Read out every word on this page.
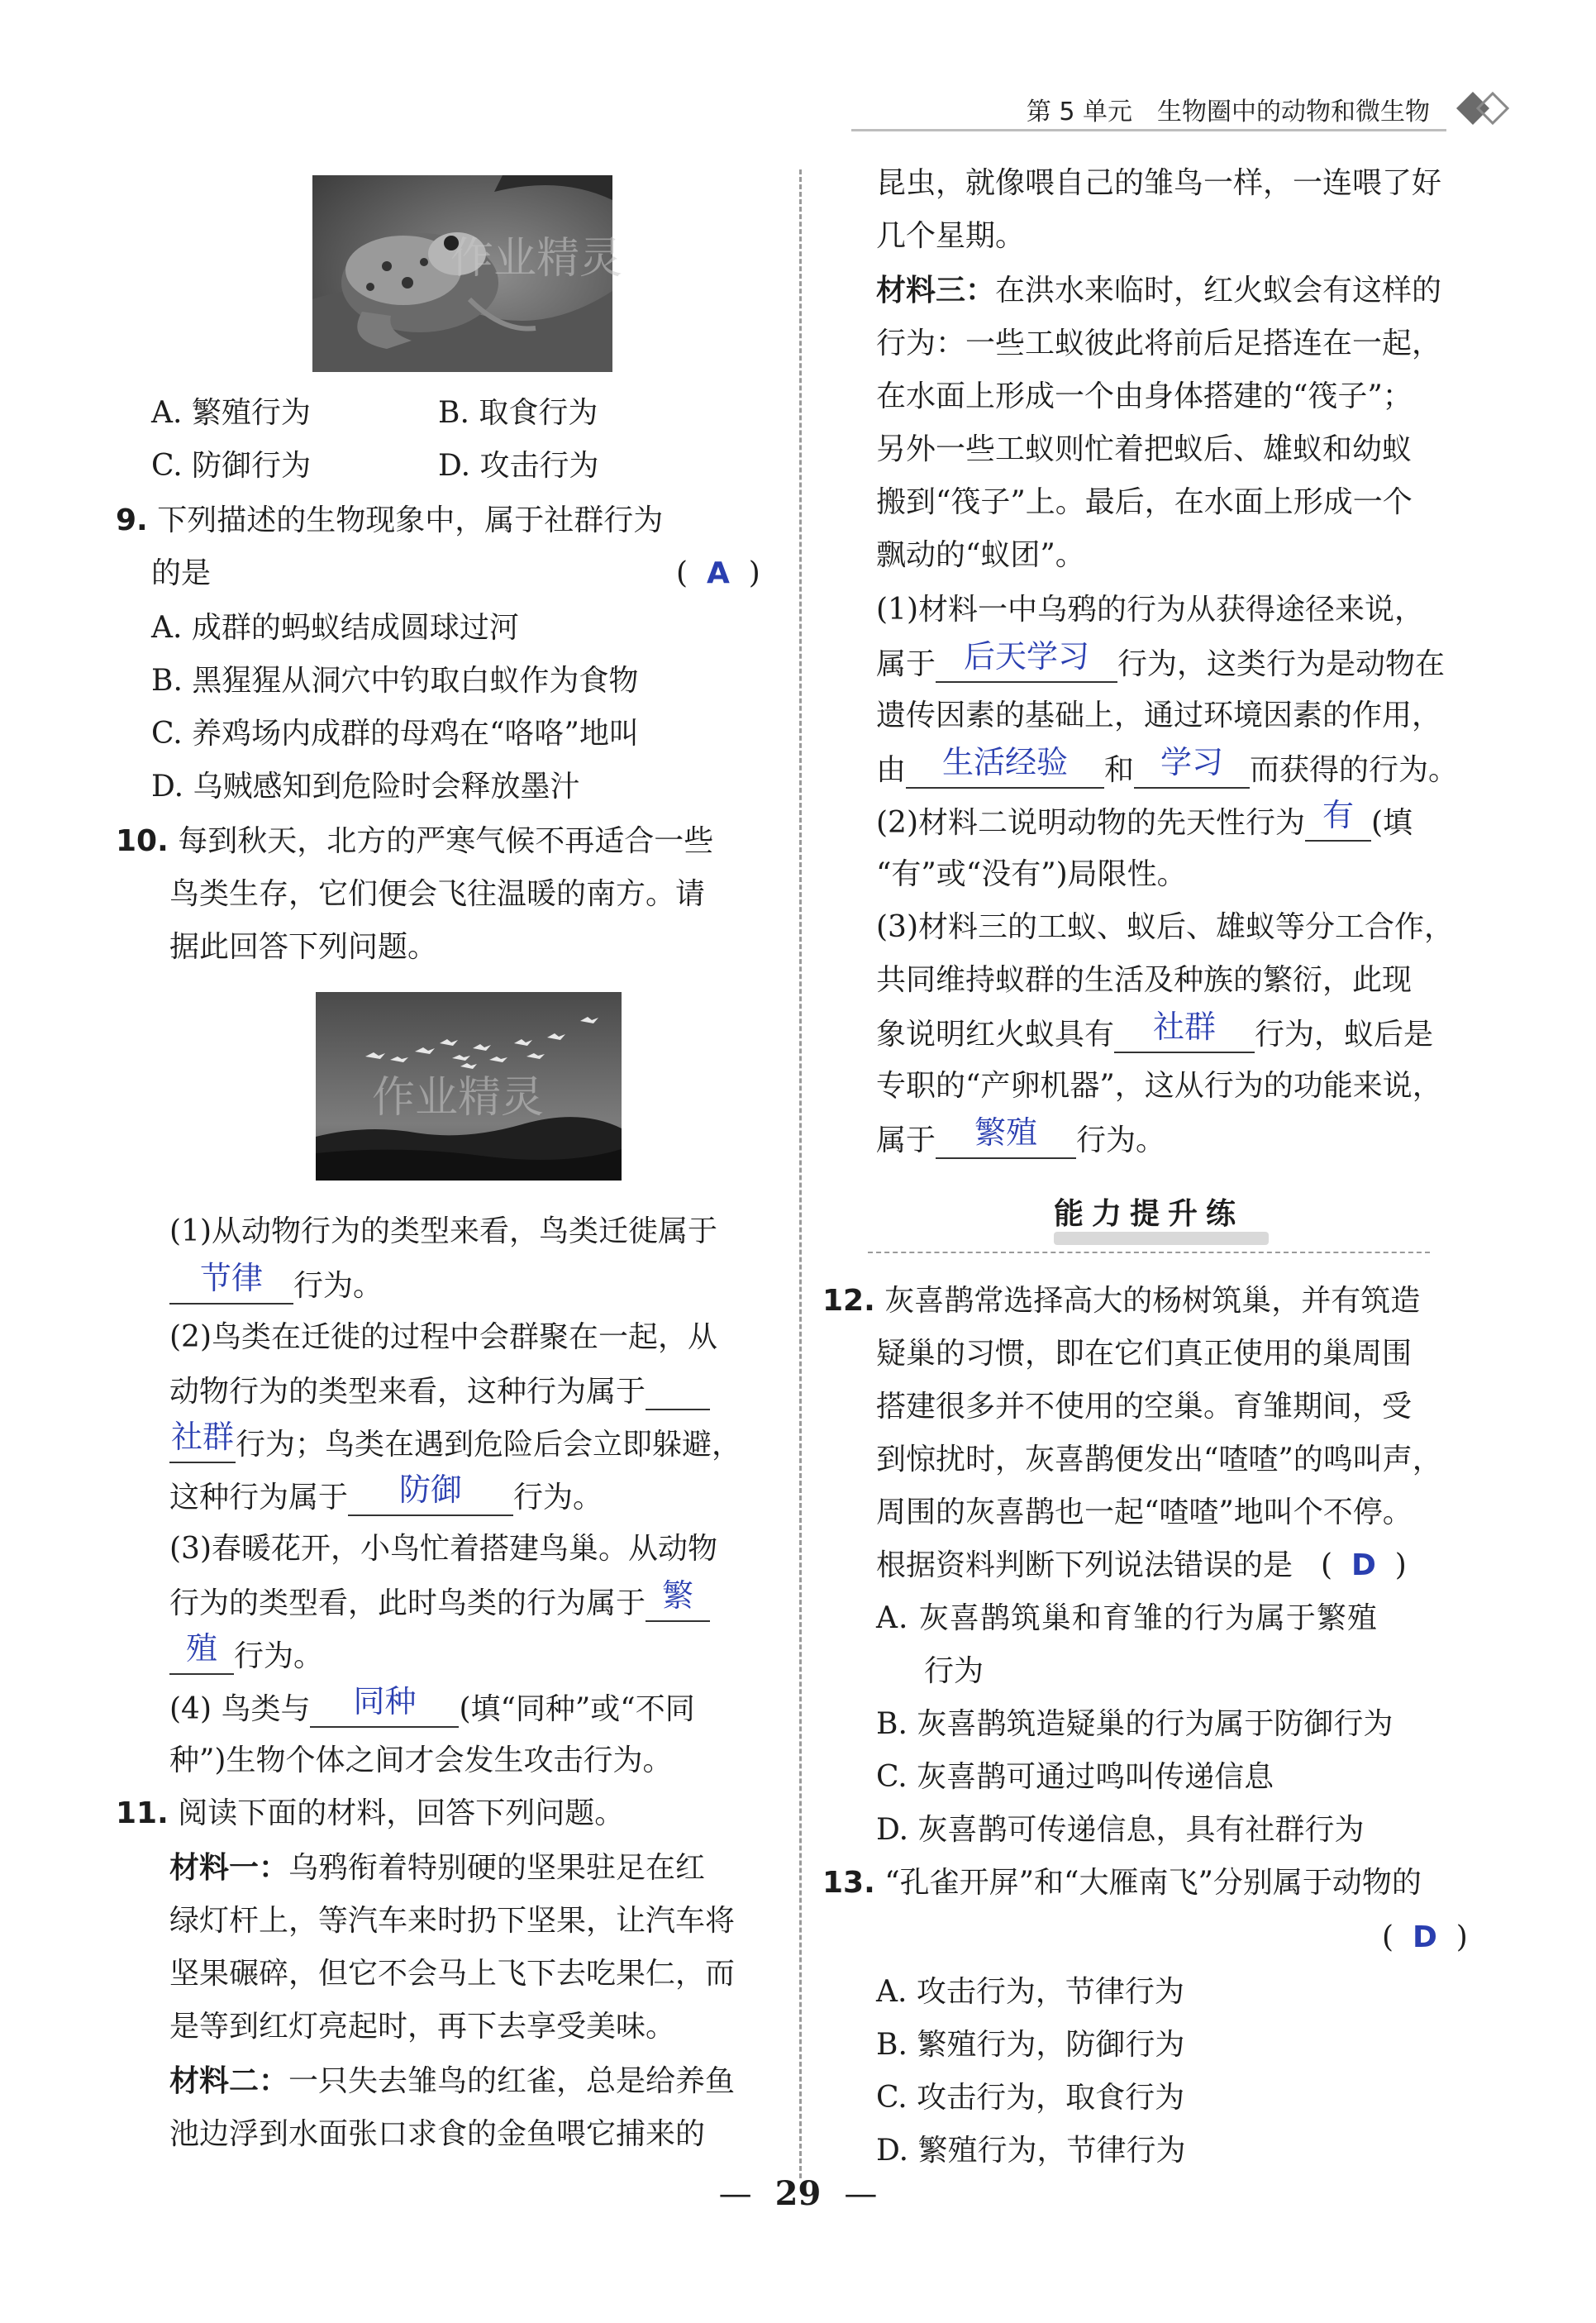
第 5 单元　生物圈中的动物和微生物
作业精灵
A. 繁殖行为	B. 取食行为
C. 防御行为	D. 攻击行为
9. 下列描述的生物现象中，属于社群行为
的是	(  A  )
A. 成群的蚂蚁结成圆球过河
B. 黑猩猩从洞穴中钓取白蚁作为食物
C. 养鸡场内成群的母鸡在“咯咯”地叫
D. 乌贼感知到危险时会释放墨汁
10. 每到秋天，北方的严寒气候不再适合一些
鸟类生存，它们便会飞往温暖的南方。请
据此回答下列问题。
作业精灵
(1)从动物行为的类型来看，鸟类迁徙属于
节律	行为。
(2)鸟类在迁徙的过程中会群聚在一起，从
动物行为的类型来看，这种行为属于
社群 行为；鸟类在遇到危险后会立即躲避，
这种行为属于	防御	行为。
(3)春暖花开，小鸟忙着搭建鸟巢。从动物
行为的类型看，此时鸟类的行为属于 繁
殖 行为。
(4) 鸟类与	同种	(填“同种”或“不同
种”)生物个体之间才会发生攻击行为。
11. 阅读下面的材料，回答下列问题。
材料一：乌鸦衔着特别硬的坚果驻足在红
绿灯杆上，等汽车来时扔下坚果，让汽车将
坚果碾碎，但它不会马上飞下去吃果仁，而
是等到红灯亮起时，再下去享受美味。
材料二：一只失去雏鸟的红雀，总是给养鱼
池边浮到水面张口求食的金鱼喂它捕来的
昆虫，就像喂自己的雏鸟一样，一连喂了好
几个星期。
材料三：在洪水来临时，红火蚁会有这样的
行为：一些工蚁彼此将前后足搭连在一起，
在水面上形成一个由身体搭建的“筏子”；
另外一些工蚁则忙着把蚁后、雄蚁和幼蚁
搬到“筏子”上。最后，在水面上形成一个
飘动的“蚁团”。
(1)材料一中乌鸦的行为从获得途径来说，
属于 后天学习 行为，这类行为是动物在
遗传因素的基础上，通过环境因素的作用，
由	生活经验	和 学习 而获得的行为。
(2)材料二说明动物的先天性行为 有 (填
“有”或“没有”)局限性。
(3)材料三的工蚁、蚁后、雄蚁等分工合作，
共同维持蚁群的生活及种族的繁衍，此现
象说明红火蚁具有	社群	行为，蚁后是
专职的“产卵机器”，这从行为的功能来说，
属于	繁殖	行为。
能力提升练
12. 灰喜鹊常选择高大的杨树筑巢，并有筑造
疑巢的习惯，即在它们真正使用的巢周围
搭建很多并不使用的空巢。育雏期间，受
到惊扰时，灰喜鹊便发出“喳喳”的鸣叫声，
周围的灰喜鹊也一起“喳喳”地叫个不停。
根据资料判断下列说法错误的是 (  D  )
A. 灰喜鹊筑巢和育雏的行为属于繁殖
行为
B. 灰喜鹊筑造疑巢的行为属于防御行为
C. 灰喜鹊可通过鸣叫传递信息
D. 灰喜鹊可传递信息，具有社群行为
13. “孔雀开屏”和“大雁南飞”分别属于动物的
(  D  )
A. 攻击行为，节律行为
B. 繁殖行为，防御行为
C. 攻击行为，取食行为
D. 繁殖行为，节律行为
— 29 —
